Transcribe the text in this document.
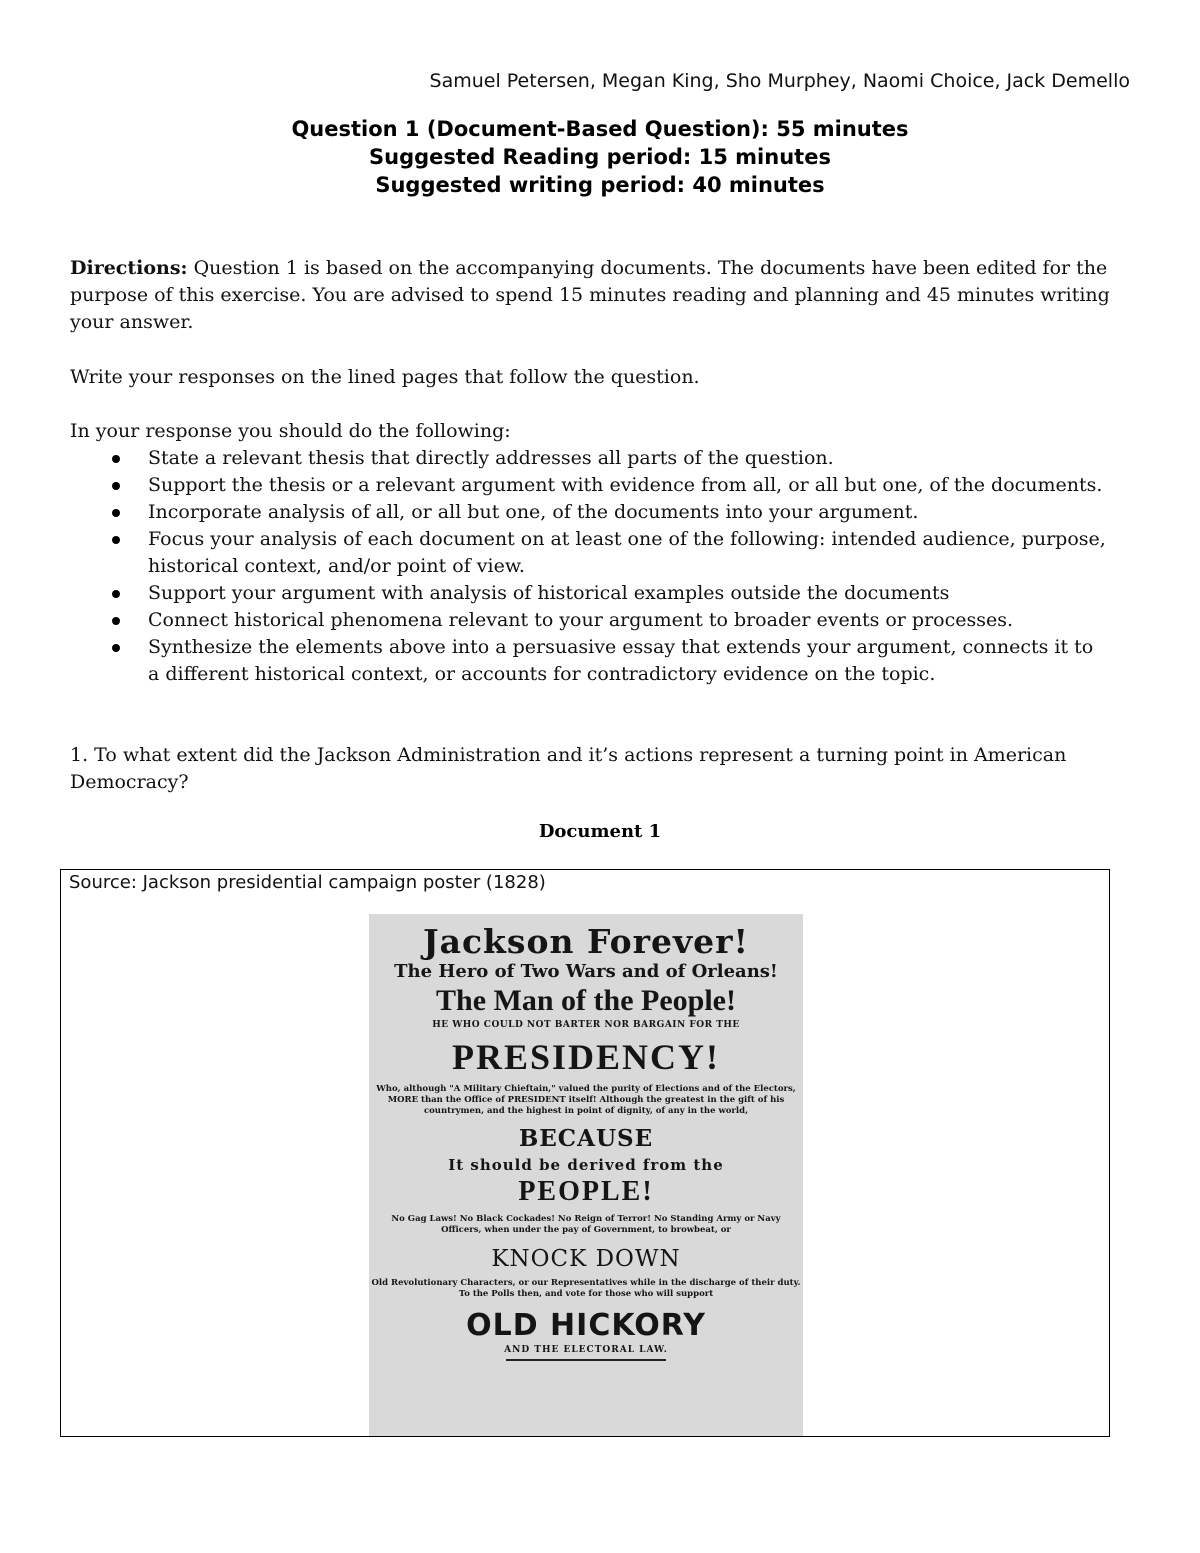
Samuel Petersen, Megan King, Sho Murphey, Naomi Choice, Jack Demello
Question 1 (Document-Based Question): 55 minutes
Suggested Reading period: 15 minutes
Suggested writing period: 40 minutes
Directions: Question 1 is based on the accompanying documents. The documents have been edited for the purpose of this exercise. You are advised to spend 15 minutes reading and planning and 45 minutes writing your answer.
Write your responses on the lined pages that follow the question.
In your response you should do the following:
State a relevant thesis that directly addresses all parts of the question.
Support the thesis or a relevant argument with evidence from all, or all but one, of the documents.
Incorporate analysis of all, or all but one, of the documents into your argument.
Focus your analysis of each document on at least one of the following: intended audience, purpose, historical context, and/or point of view.
Support your argument with analysis of historical examples outside the documents
Connect historical phenomena relevant to your argument to broader events or processes.
Synthesize the elements above into a persuasive essay that extends your argument, connects it to a different historical context, or accounts for contradictory evidence on the topic.
1. To what extent did the Jackson Administration and it’s actions represent a turning point in American Democracy?
Document 1
Source: Jackson presidential campaign poster (1828)
Jackson Forever!
The Hero of Two Wars and of Orleans!
The Man of the People!
HE WHO COULD NOT BARTER NOR BARGAIN FOR THE
PRESIDENCY!
Who, although "A Military Chieftain," valued the purity of Elections and of the Electors, MORE than the Office of PRESIDENT itself! Although the greatest in the gift of his countrymen, and the highest in point of dignity, of any in the world,
BECAUSE
It should be derived from the
PEOPLE!
No Gag Laws! No Black Cockades! No Reign of Terror! No Standing Army or Navy Officers, when under the pay of Government, to browbeat, or
KNOCK DOWN
Old Revolutionary Characters, or our Representatives while in the discharge of their duty. To the Polls then, and vote for those who will support
OLD HICKORY
AND THE ELECTORAL LAW.
